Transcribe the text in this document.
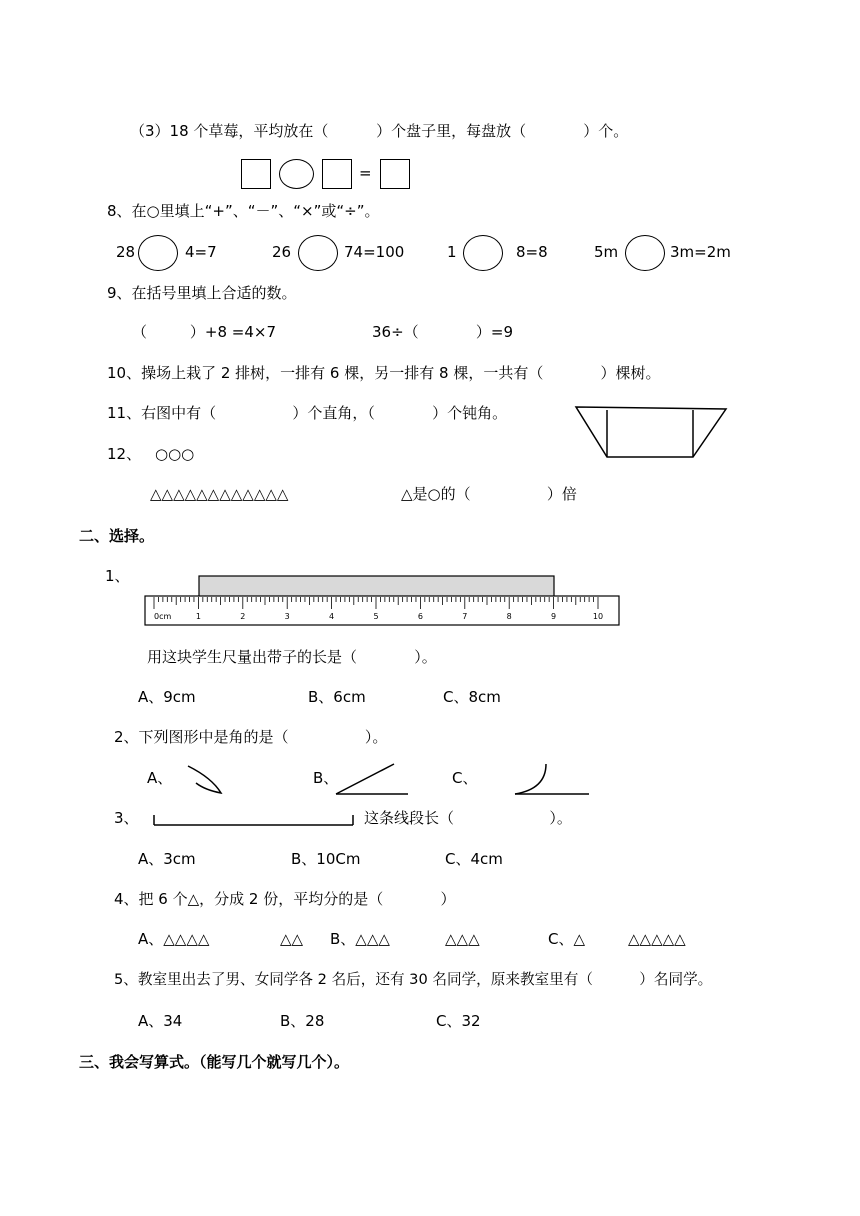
（3）18 个草莓，平均放在（          ）个盘子里，每盘放（            ）个。
=
8、在○里填上“+”、“－”、“×”或“÷”。
28	4=7	26	74=100	1	8=8	5m	3m=2m
9、在括号里填上合适的数。
（         ）+8 =4×7	36÷（            ）=9
10、操场上栽了 2 排树，一排有 6 棵，另一排有 8 棵，一共有（            ）棵树。
11、右图中有（                ）个直角，（            ）个钝角。
12、 ○○○
△△△△△△△△△△△△	△是○的（                ）倍
二、选择。
1、
0cm	1	2	3	4	5	6	7	8	9	10
用这块学生尺量出带子的长是（            ）。
A、9cm	B、6cm	C、8cm
2、下列图形中是角的是（                ）。
A、	B、	C、
3、	这条线段长（                    ）。
A、3cm	B、10Cm	C、4cm
4、把 6 个△，分成 2 份，平均分的是（            ）
A、△△△△	△△ B、△△△	△△△	C、△	△△△△△
5、教室里出去了男、女同学各 2 名后，还有 30 名同学，原来教室里有（          ）名同学。
A、34	B、28	C、32
三、我会写算式。（能写几个就写几个）。
